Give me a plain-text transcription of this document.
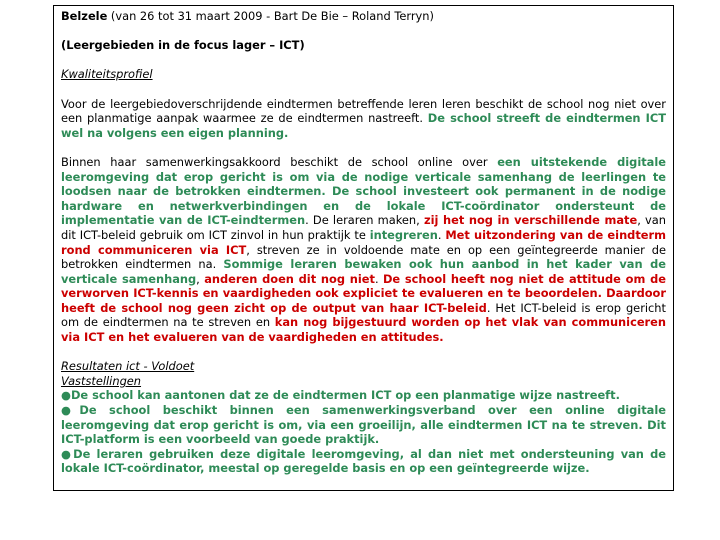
Belzele (van 26 tot 31 maart 2009 - Bart De Bie – Roland Terryn)

(Leergebieden in de focus lager – ICT)

Kwaliteitsprofiel

Voor de leergebiedoverschrijdende eindtermen betreffende leren leren beschikt de school nog niet over een planmatige aanpak waarmee ze de eindtermen nastreeft. De school streeft de eindtermen ICT wel na volgens een eigen planning.

Binnen haar samenwerkingsakkoord beschikt de school online over een uitstekende digitale leeromgeving dat erop gericht is om via de nodige verticale samenhang de leerlingen te loodsen naar de betrokken eindtermen. De school investeert ook permanent in de nodige hardware en netwerkverbindingen en de lokale ICT-coördinator ondersteunt de implementatie van de ICT-eindtermen. De leraren maken, zij het nog in verschillende mate, van dit ICT-beleid gebruik om ICT zinvol in hun praktijk te integreren. Met uitzondering van de eindterm rond communiceren via ICT, streven ze in voldoende mate en op een geïntegreerde manier de betrokken eindtermen na. Sommige leraren bewaken ook hun aanbod in het kader van de verticale samenhang, anderen doen dit nog niet. De school heeft nog niet de attitude om de verworven ICT-kennis en vaardigheden ook expliciet te evalueren en te beoordelen. Daardoor heeft de school nog geen zicht op de output van haar ICT-beleid. Het ICT-beleid is erop gericht om de eindtermen na te streven en kan nog bijgestuurd worden op het vlak van communiceren via ICT en het evalueren van de vaardigheden en attitudes.

Resultaten ict - Voldoet

Vaststellingen

●De school kan aantonen dat ze de eindtermen ICT op een planmatige wijze nastreeft.

●De school beschikt binnen een samenwerkingsverband over een online digitale leeromgeving dat erop gericht is om, via een groeilijn, alle eindtermen ICT na te streven. Dit ICT-platform is een voorbeeld van goede praktijk.

●De leraren gebruiken deze digitale leeromgeving, al dan niet met ondersteuning van de lokale ICT-coördinator, meestal op geregelde basis en op een geïntegreerde wijze.
